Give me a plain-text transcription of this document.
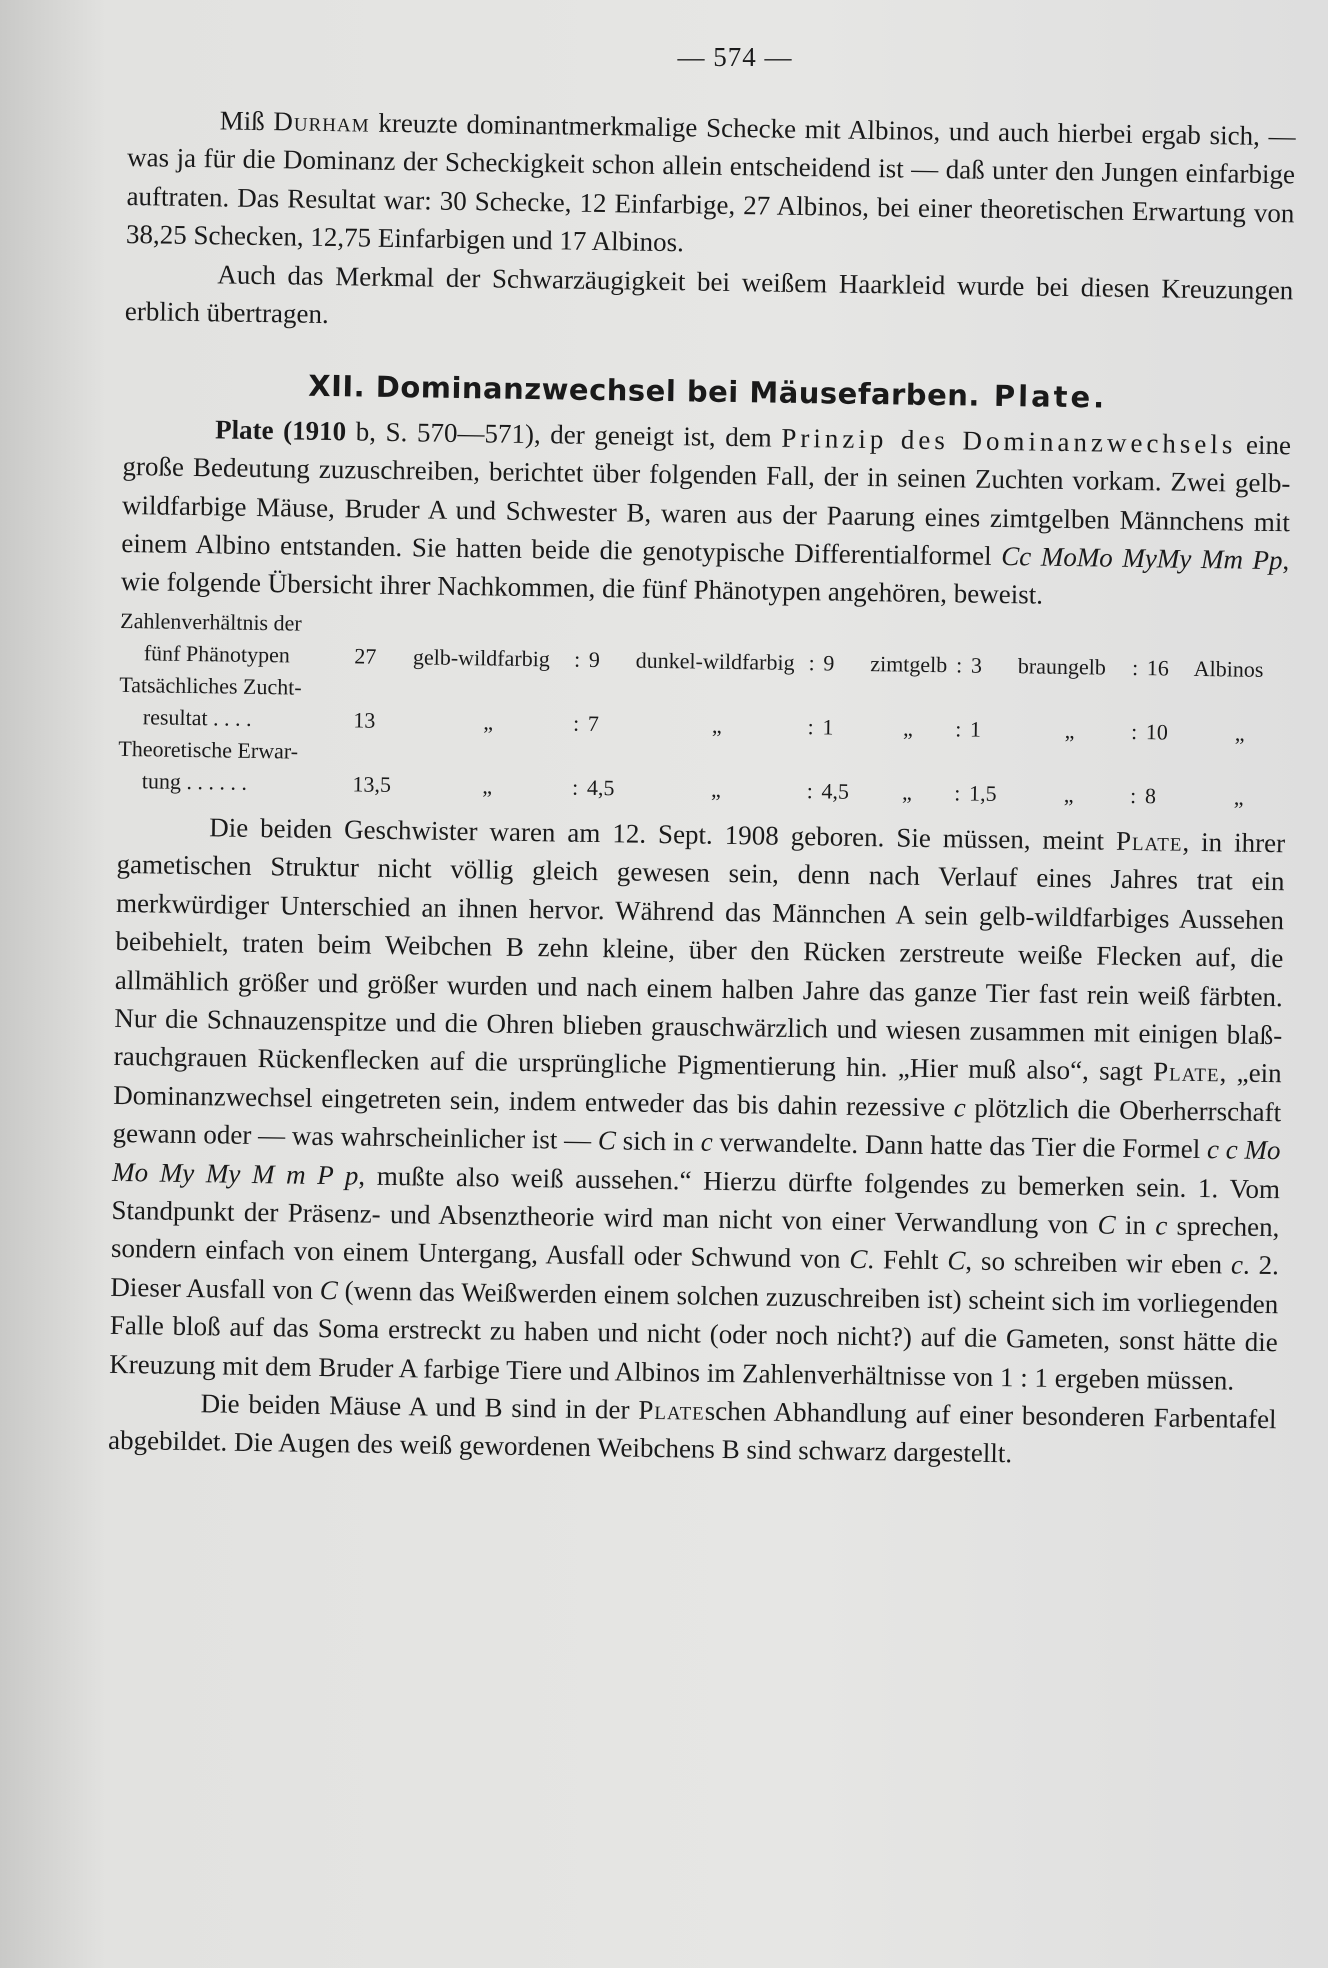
— 574 —

Miß Durham kreuzte dominantmerkmalige Schecke mit Albinos, und auch hierbei ergab sich, — was ja für die Dominanz der Scheckigkeit schon allein entscheidend ist — daß unter den Jungen einfarbige auftraten. Das Resultat war: 30 Schecke, 12 Einfarbige, 27 Albinos, bei einer theoretischen Erwartung von 38,25 Schecken, 12,75 Einfarbigen und 17 Albinos.

Auch das Merkmal der Schwarzäugigkeit bei weißem Haarkleid wurde bei diesen Kreuzungen erblich übertragen.

XII. Dominanzwechsel bei Mäusefarben. Plate.

Plate (1910 b, S. 570—571), der geneigt ist, dem Prinzip des Dominanzwechsels eine große Bedeutung zuzuschreiben, berichtet über folgenden Fall, der in seinen Zuchten vorkam. Zwei gelb-wildfarbige Mäuse, Bruder A und Schwester B, waren aus der Paarung eines zimtgelben Männchens mit einem Albino entstanden. Sie hatten beide die genotypische Differentialformel Cc MoMo MyMy Mm Pp, wie folgende Übersicht ihrer Nachkommen, die fünf Phänotypen angehören, beweist.

Zahlenverhältnis der
fünf Phänotypen	27	gelb-wildfarbig	:	9	dunkel-wildfarbig	:	9	zimtgelb	:	3	braungelb	:	16	Albinos

Tatsächliches Zucht-
resultat . . . .	13	„	:	7	„	:	1	„	:	1	„	:	10	„

Theoretische Erwar-
tung . . . . . .	13,5	„	:	4,5	„	:	4,5	„	:	1,5	„	:	8	„

Die beiden Geschwister waren am 12. Sept. 1908 geboren. Sie müssen, meint Plate, in ihrer gametischen Struktur nicht völlig gleich gewesen sein, denn nach Verlauf eines Jahres trat ein merkwürdiger Unterschied an ihnen hervor. Während das Männchen A sein gelb-wildfarbiges Aussehen beibehielt, traten beim Weibchen B zehn kleine, über den Rücken zerstreute weiße Flecken auf, die allmählich größer und größer wurden und nach einem halben Jahre das ganze Tier fast rein weiß färbten. Nur die Schnauzenspitze und die Ohren blieben grauschwärzlich und wiesen zusammen mit einigen blaß-rauchgrauen Rückenflecken auf die ursprüngliche Pigmentierung hin. „Hier muß also“, sagt Plate, „ein Dominanzwechsel eingetreten sein, indem entweder das bis dahin rezessive c plötzlich die Oberherrschaft gewann oder — was wahrscheinlicher ist — C sich in c verwandelte. Dann hatte das Tier die Formel c c Mo Mo My My M m P p, mußte also weiß aussehen.“ Hierzu dürfte folgendes zu bemerken sein. 1. Vom Standpunkt der Präsenz- und Absenztheorie wird man nicht von einer Verwandlung von C in c sprechen, sondern einfach von einem Untergang, Ausfall oder Schwund von C. Fehlt C, so schreiben wir eben c. 2. Dieser Ausfall von C (wenn das Weißwerden einem solchen zuzuschreiben ist) scheint sich im vorliegenden Falle bloß auf das Soma erstreckt zu haben und nicht (oder noch nicht?) auf die Gameten, sonst hätte die Kreuzung mit dem Bruder A farbige Tiere und Albinos im Zahlenverhältnisse von 1 : 1 ergeben müssen.

Die beiden Mäuse A und B sind in der Plateschen Abhandlung auf einer besonderen Farbentafel abgebildet. Die Augen des weiß gewordenen Weibchens B sind schwarz dargestellt.
